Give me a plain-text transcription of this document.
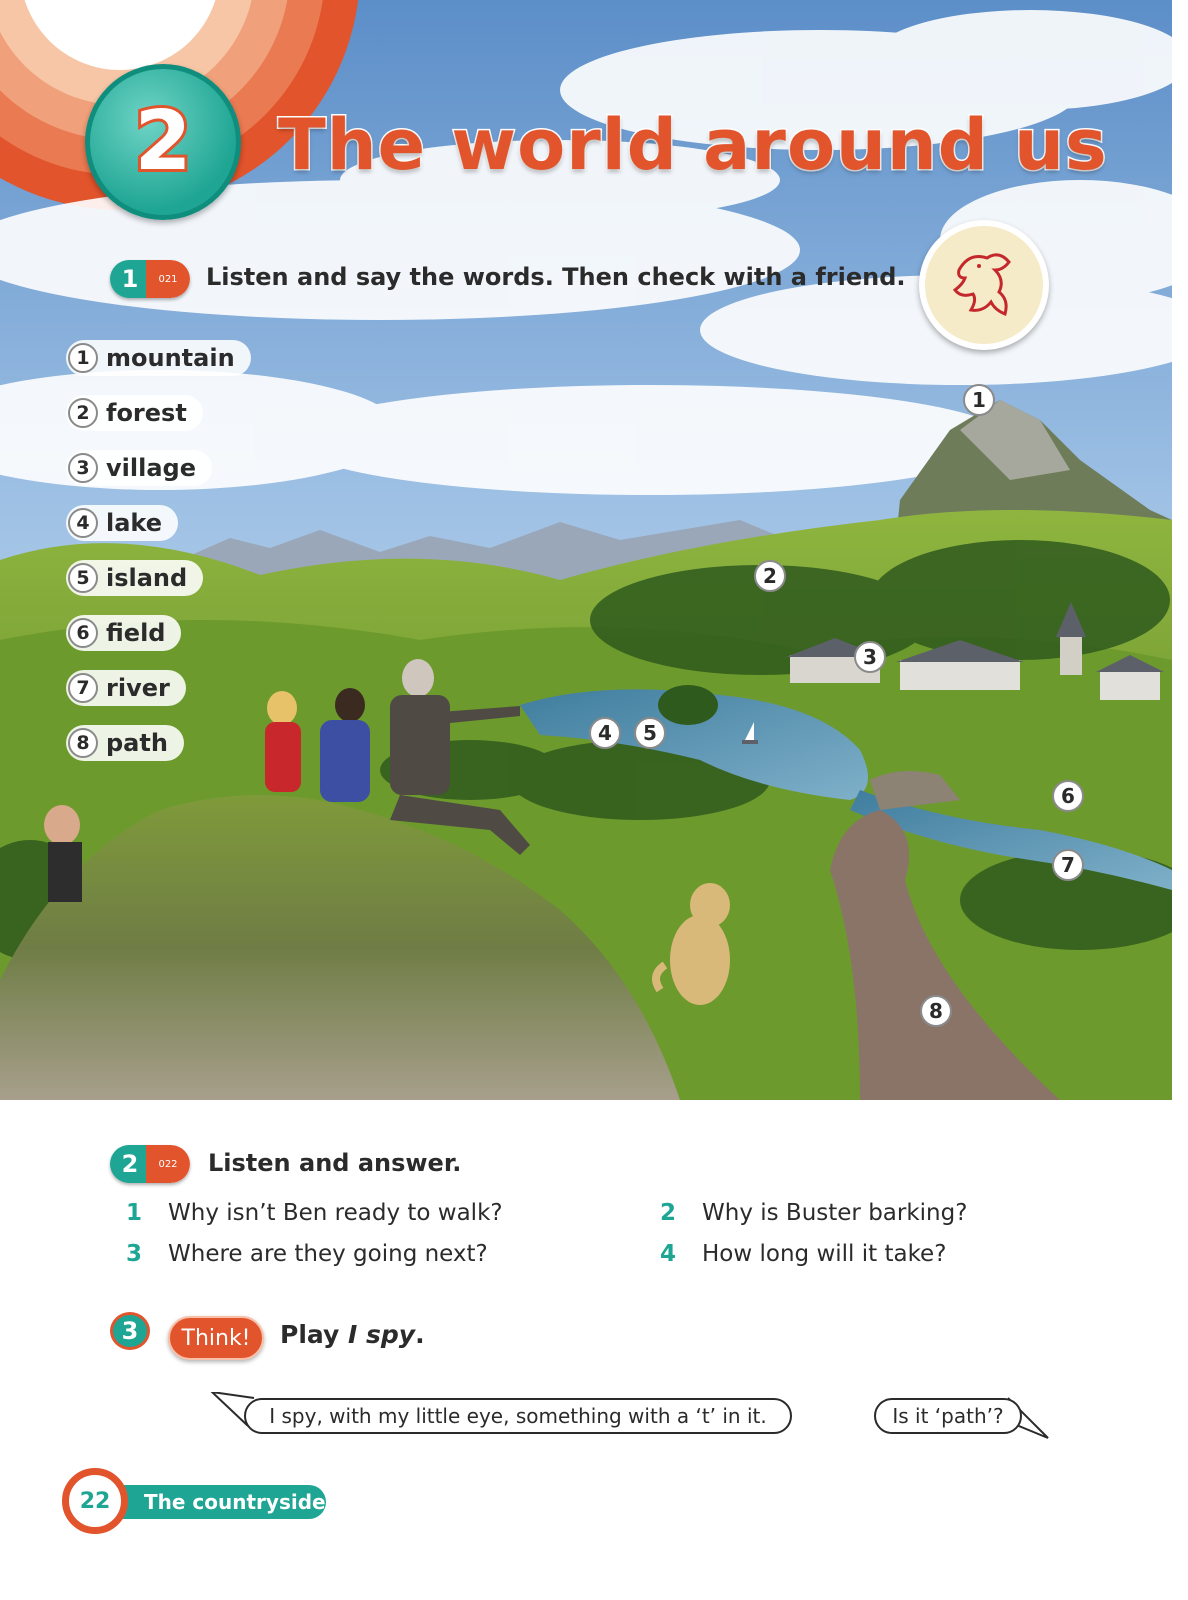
2 The world around us
1	021 Listen and say the words. Then check with a friend.
1 mountain
2 forest
3 village
4 lake
5 island
6 field
7 river
8 path
1
2
3
4	5
6
7
8
2	022 Listen and answer.
1 Why isn’t Ben ready to walk?	2 Why is Buster barking?
3 Where are they going next?	4 How long will it take?
3	Think!	Play I spy.
I spy, with my little eye, something with a ‘t’ in it.	Is it ‘path’?
The countryside
22
